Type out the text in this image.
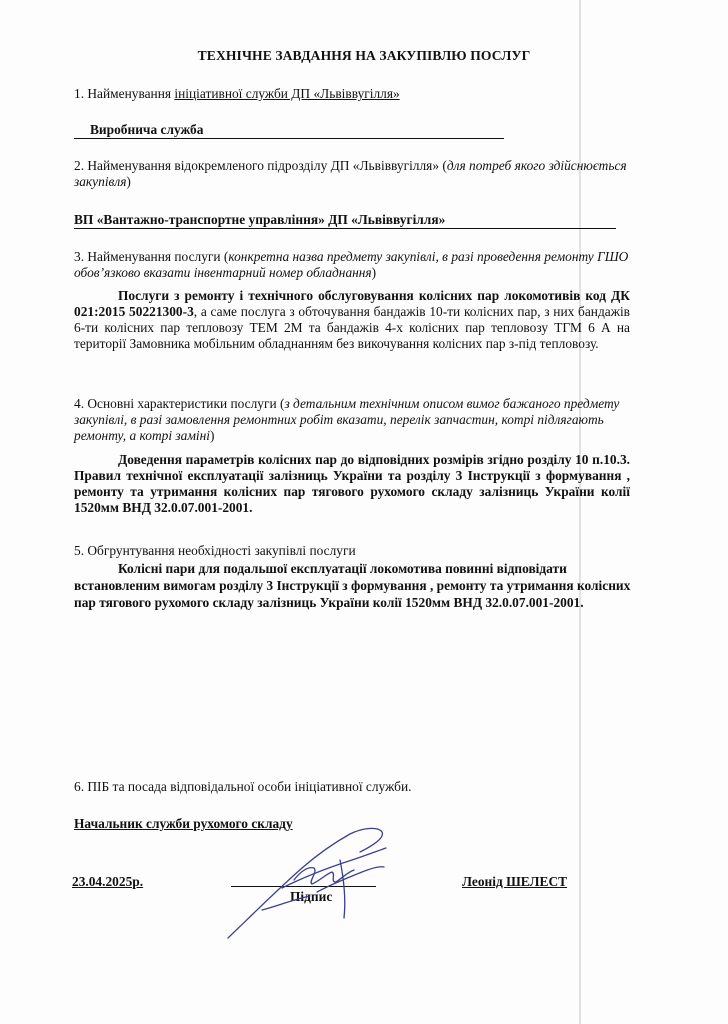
ТЕХНІЧНЕ ЗАВДАННЯ НА ЗАКУПІВЛЮ ПОСЛУГ
1. Найменування ініціативної служби ДП «Львіввугілля»
Виробнича служба
2. Найменування відокремленого підрозділу ДП «Львіввугілля» (для потреб якого здійснюється закупівля)
ВП «Вантажно-транспортне управління» ДП «Львіввугілля»
3. Найменування послуги (конкретна назва предмету закупівлі, в разі проведення ремонту ГШО обов’язково вказати інвентарний номер обладнання)
Послуги з ремонту і технічного обслуговування колісних пар локомотивів код ДК 021:2015 50221300-3, а саме послуга з обточування бандажів 10-ти колісних пар, з них бандажів 6-ти колісних пар тепловозу ТЕМ 2М та бандажів 4-х колісних пар тепловозу ТГМ 6 А на території Замовника мобільним обладнанням без викочування колісних пар з-під тепловозу.
4. Основні характеристики послуги (з детальним технічним описом вимог бажаного предмету закупівлі, в разі замовлення ремонтних робіт вказати, перелік запчастин, котрі підлягають ремонту, а котрі заміні)
Доведення параметрів колісних пар до відповідних розмірів згідно розділу 10 п.10.3. Правил технічної експлуатації залізниць України та розділу 3 Інструкції з формування , ремонту та утримання колісних пар тягового рухомого складу залізниць України колії 1520мм ВНД 32.0.07.001-2001.
5. Обгрунтування необхідності закупівлі послуги
Колісні пари для подальшої експлуатації локомотива повинні відповідати встановленим вимогам розділу 3 Інструкції з формування , ремонту та утримання колісних пар тягового рухомого складу залізниць України колії 1520мм ВНД 32.0.07.001-2001.
6. ПІБ та посада відповідальної особи ініціативної служби.
Начальник служби рухомого складу
23.04.2025р.
Підпис
Леонід ШЕЛЕСТ
